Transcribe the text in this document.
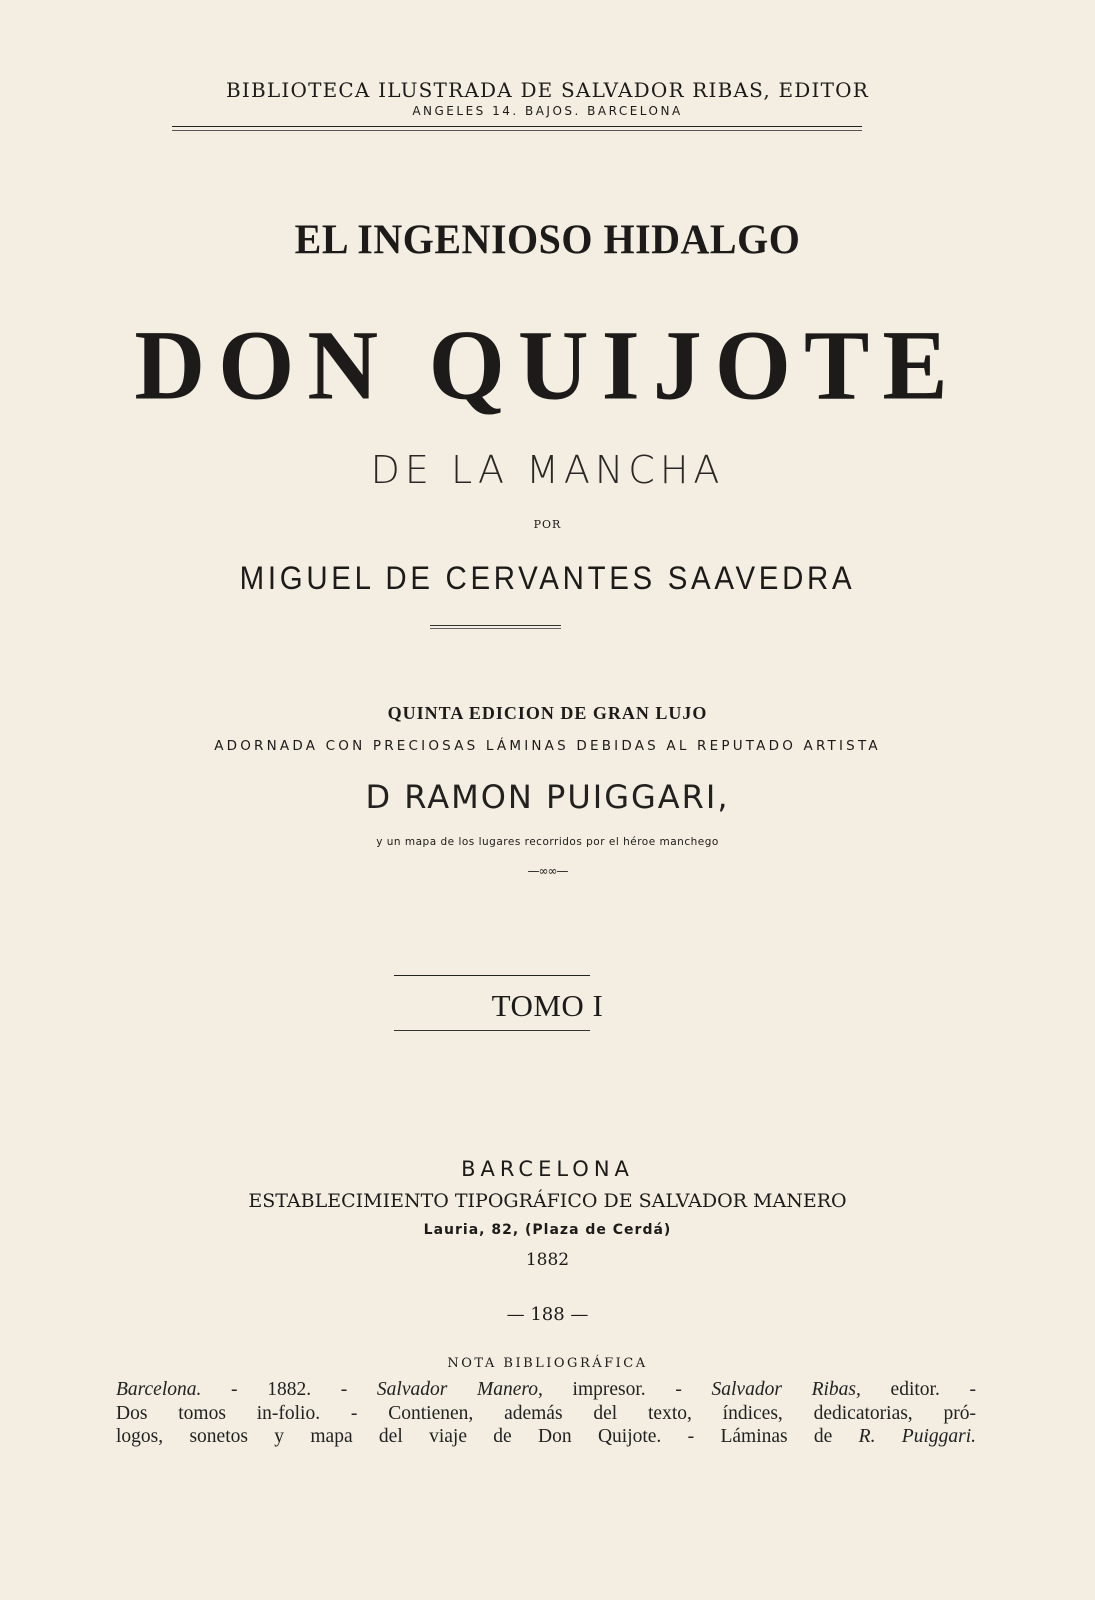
BIBLIOTECA ILUSTRADA DE SALVADOR RIBAS, EDITOR
ANGELES 14. BAJOS. BARCELONA
EL INGENIOSO HIDALGO
DON QUIJOTE
DE LA MANCHA
POR
MIGUEL DE CERVANTES SAAVEDRA
QUINTA EDICION DE GRAN LUJO
ADORNADA CON PRECIOSAS LÁMINAS DEBIDAS AL REPUTADO ARTISTA
D RAMON PUIGGARI,
y un mapa de los lugares recorridos por el héroe manchego
—∞∞—
TOMO I
BARCELONA
ESTABLECIMIENTO TIPOGRÁFICO DE SALVADOR MANERO
Lauria, 82, (Plaza de Cerdá)
1882
— 188 —
NOTA BIBLIOGRÁFICA
Barcelona. - 1882. - Salvador Manero, impresor. - Salvador Ribas, editor. -
Dos tomos in-folio. - Contienen, además del texto, índices, dedicatorias, pró-
logos, sonetos y mapa del viaje de Don Quijote. - Láminas de R. Puiggari.
